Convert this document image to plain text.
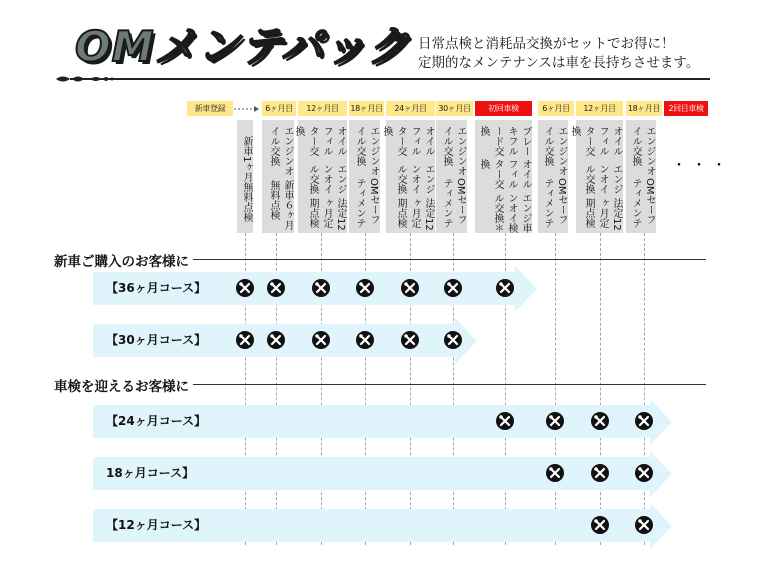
OMメンテパック 日常点検と消耗品交換がセットでお得に！
定期的なメンテナンスは車を長持ちさせます。
・・・
新車登録	6ヶ月目
エンジンオイル交換
新車６ヶ月無料点検
12ヶ月目
オイルフィルター交換
エンジンオイル交換
法定12ヶ月定期点検
18ヶ月目
エンジンオイル交換
OMセーフティメンテ
24ヶ月目
オイルフィルター交換
エンジンオイル交換
法定12ヶ月定期点検
30ヶ月目
エンジンオイル交換
OMセーフティメンテ
初回車検
ブレーキフルード交換
オイルフィルター交換
エンジンオイル交換
車検＊
6ヶ月目
エンジンオイル交換
OMセーフティメンテ
12ヶ月目
オイルフィルター交換
エンジンオイル交換
法定12ヶ月定期点検
18ヶ月目
エンジンオイル交換
OMセーフティメンテ
2回目車検
新車1ヶ月無料点検
新車ご購入のお客様に
【36ヶ月コース】
【30ヶ月コース】
車検を迎えるお客様に
【24ヶ月コース】
18ヶ月コース】
【12ヶ月コース】
